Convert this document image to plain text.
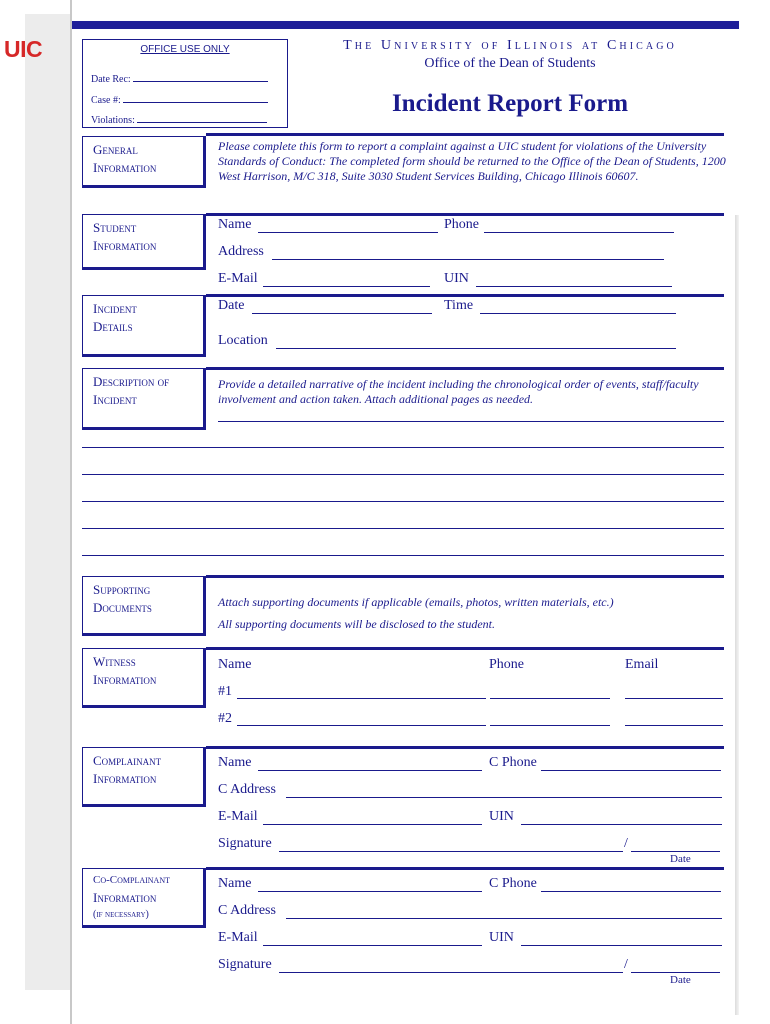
UIC	OFFICE USE ONLY
Date Rec:
Case #:
Violations:
The University of Illinois at Chicago
Office of the Dean of Students
Incident Report Form
General
Information
Please complete this form to report a complaint against a UIC student for violations of the University Standards of Conduct: The completed form should be returned to the Office of the Dean of Students, 1200 West Harrison, M/C 318, Suite 3030 Student Services Building, Chicago Illinois 60607.
Student
Information
Name	Phone
Address
E-Mail	UIN
Incident
Details
Date	Time
Location
Description of
Incident
Provide a detailed narrative of the incident including the chronological order of events, staff/faculty involvement and action taken. Attach additional pages as needed.
Supporting
Documents	Attach supporting documents if applicable (emails, photos, written materials, etc.)
All supporting documents will be disclosed to the student.
Witness
Information
Name	Phone	Email
#1
#2
Complainant
Information
Name	C Phone
C Address
E-Mail	UIN
Signature	/
Date
Co-Complainant
Information
(if necessary)
Name	C Phone
C Address
E-Mail	UIN
Signature	/
Date
